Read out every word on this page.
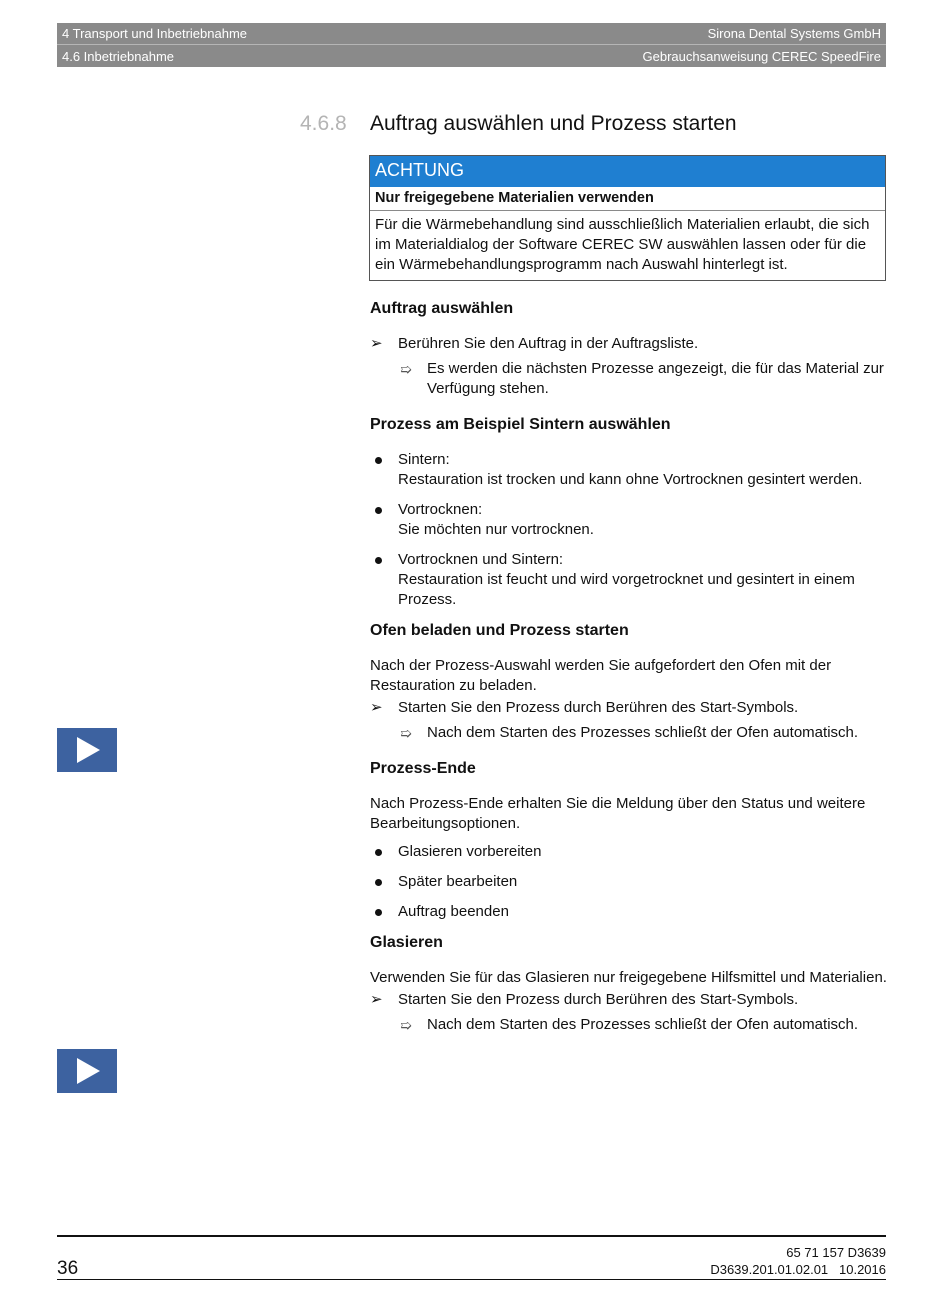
4 Transport und Inbetriebnahme	Sirona Dental Systems GmbH
4.6 Inbetriebnahme	Gebrauchsanweisung CEREC SpeedFire
4.6.8	Auftrag auswählen und Prozess starten
ACHTUNG
Nur freigegebene Materialien verwenden
Für die Wärmebehandlung sind ausschließlich Materialien erlaubt, die sich im Materialdialog der Software CEREC SW auswählen lassen oder für die ein Wärmebehandlungsprogramm nach Auswahl hinterlegt ist.
Auftrag auswählen
➢ Berühren Sie den Auftrag in der Auftragsliste.
➯ Es werden die nächsten Prozesse angezeigt, die für das Material zur Verfügung stehen.
Prozess am Beispiel Sintern auswählen
Sintern:
Restauration ist trocken und kann ohne Vortrocknen gesintert werden.
Vortrocknen:
Sie möchten nur vortrocknen.
Vortrocknen und Sintern:
Restauration ist feucht und wird vorgetrocknet und gesintert in einem Prozess.
Ofen beladen und Prozess starten

Nach der Prozess-Auswahl werden Sie aufgefordert den Ofen mit der Restauration zu beladen.

➢ Starten Sie den Prozess durch Berühren des Start-Symbols.
➯ Nach dem Starten des Prozesses schließt der Ofen automatisch.
Prozess-Ende

Nach Prozess-Ende erhalten Sie die Meldung über den Status und weitere Bearbeitungsoptionen.

Glasieren vorbereiten
Später bearbeiten
Auftrag beenden
Glasieren

Verwenden Sie für das Glasieren nur freigegebene Hilfsmittel und Materialien.

➢ Starten Sie den Prozess durch Berühren des Start-Symbols.
➯ Nach dem Starten des Prozesses schließt der Ofen automatisch.
36
65 71 157 D3639
D3639.201.01.02.01 10.2016
